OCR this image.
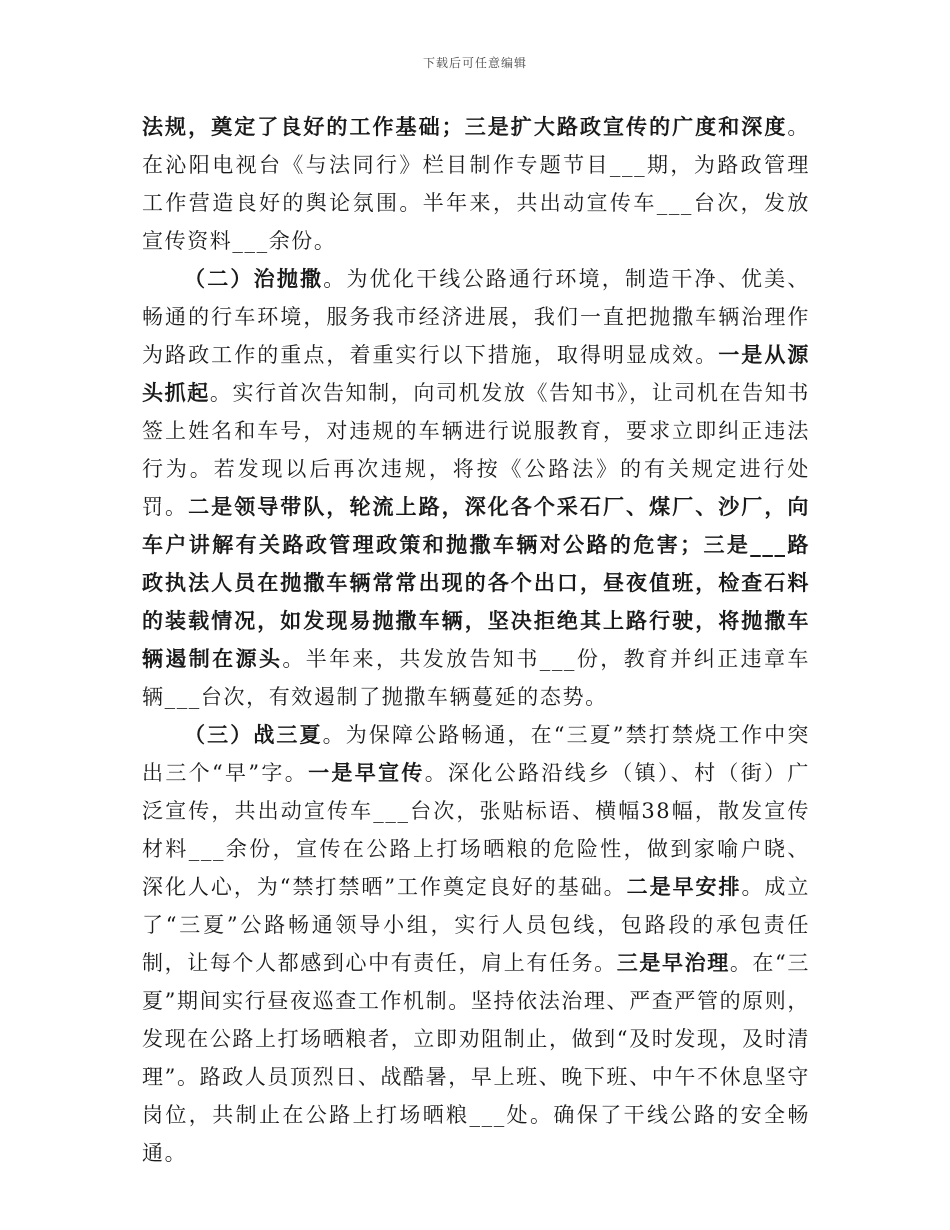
下载后可任意编辑

法规，奠定了良好的工作基础；三是扩大路政宣传的广度和深度。在沁阳电视台《与法同行》栏目制作专题节目___期，为路政管理工作营造良好的舆论氛围。半年来，共出动宣传车___台次，发放宣传资料___余份。

（二）治抛撒。为优化干线公路通行环境，制造干净、优美、畅通的行车环境，服务我市经济进展，我们一直把抛撒车辆治理作为路政工作的重点，着重实行以下措施，取得明显成效。一是从源头抓起。实行首次告知制，向司机发放《告知书》，让司机在告知书签上姓名和车号，对违规的车辆进行说服教育，要求立即纠正违法行为。若发现以后再次违规，将按《公路法》的有关规定进行处罚。二是领导带队，轮流上路，深化各个采石厂、煤厂、沙厂，向车户讲解有关路政管理政策和抛撒车辆对公路的危害；三是___路政执法人员在抛撒车辆常常出现的各个出口，昼夜值班，检查石料的装载情况，如发现易抛撒车辆，坚决拒绝其上路行驶，将抛撒车辆遏制在源头。半年来，共发放告知书___份，教育并纠正违章车辆___台次，有效遏制了抛撒车辆蔓延的态势。

（三）战三夏。为保障公路畅通，在“三夏”禁打禁烧工作中突出三个“早”字。一是早宣传。深化公路沿线乡（镇）、村（街）广泛宣传，共出动宣传车___台次，张贴标语、横幅38幅，散发宣传材料___余份，宣传在公路上打场晒粮的危险性，做到家喻户晓、深化人心，为“禁打禁晒”工作奠定良好的基础。二是早安排。成立了“三夏”公路畅通领导小组，实行人员包线，包路段的承包责任制，让每个人都感到心中有责任，肩上有任务。三是早治理。在“三夏”期间实行昼夜巡查工作机制。坚持依法治理、严查严管的原则，发现在公路上打场晒粮者，立即劝阻制止，做到“及时发现，及时清理”。路政人员顶烈日、战酷暑，早上班、晚下班、中午不休息坚守岗位，共制止在公路上打场晒粮___处。确保了干线公路的安全畅通。
